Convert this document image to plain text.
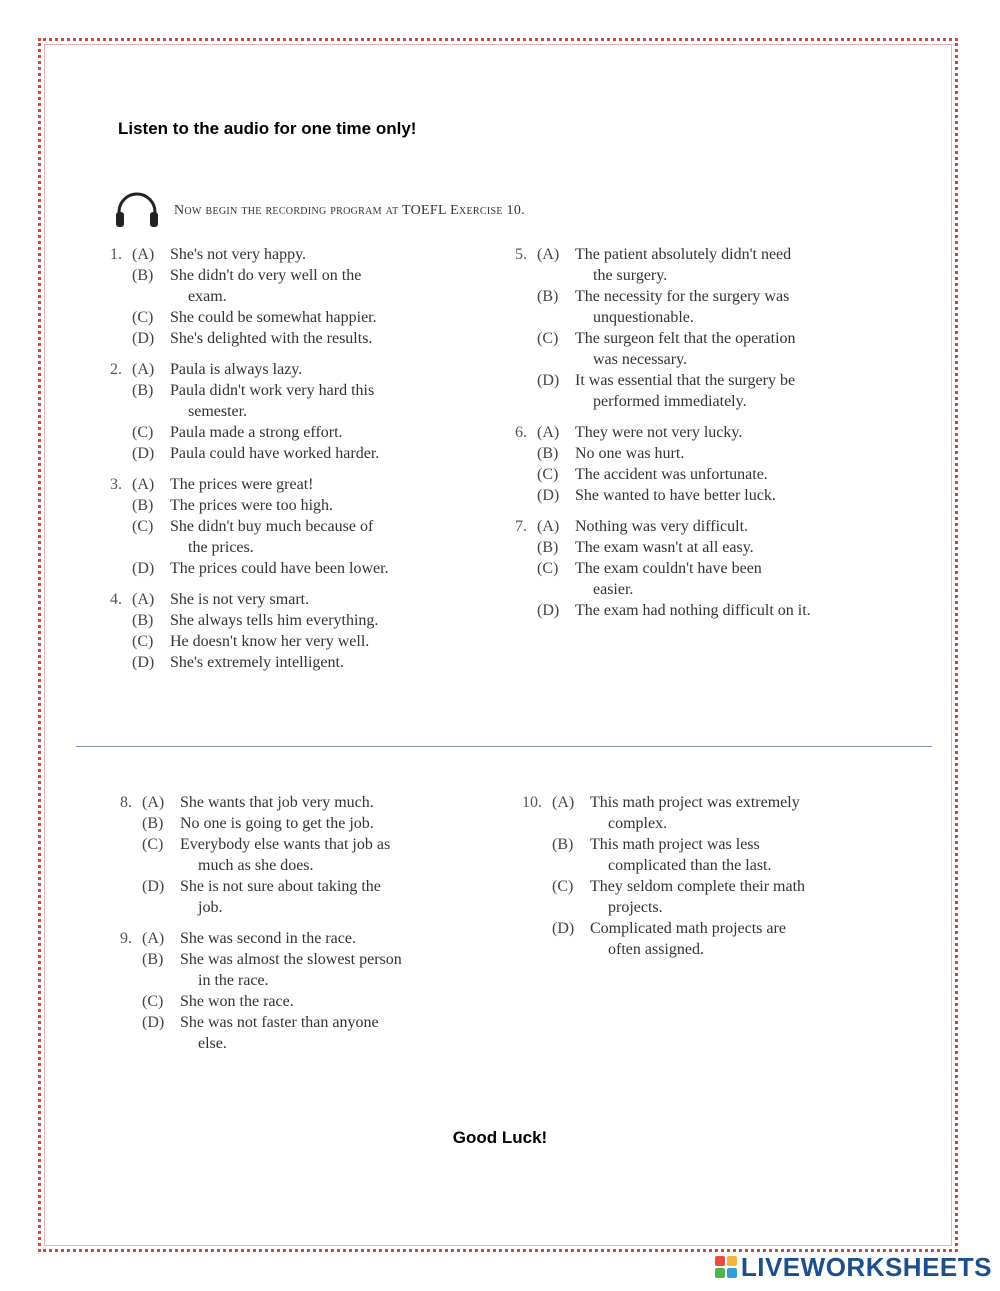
Listen to the audio for one time only!
Now begin the recording program at TOEFL Exercise 10.
1. (A) She's not very happy.
(B) She didn't do very well on the

exam.
(C) She could be somewhat happier.
(D) She's delighted with the results.
2. (A) Paula is always lazy.
(B) Paula didn't work very hard this

semester.
(C) Paula made a strong effort.
(D) Paula could have worked harder.
3. (A) The prices were great!
(B) The prices were too high.
(C) She didn't buy much because of

the prices.
(D) The prices could have been lower.
4. (A) She is not very smart.
(B) She always tells him everything.
(C) He doesn't know her very well.
(D) She's extremely intelligent.
5. (A) The patient absolutely didn't need

the surgery.
(B) The necessity for the surgery was

unquestionable.
(C) The surgeon felt that the operation

was necessary.
(D) It was essential that the surgery be

performed immediately.
6. (A) They were not very lucky.
(B) No one was hurt.
(C) The accident was unfortunate.
(D) She wanted to have better luck.
7. (A) Nothing was very difficult.
(B) The exam wasn't at all easy.
(C) The exam couldn't have been

easier.
(D) The exam had nothing difficult on it.
8. (A) She wants that job very much.
(B) No one is going to get the job.
(C) Everybody else wants that job as

much as she does.
(D) She is not sure about taking the

job.
9. (A) She was second in the race.
(B) She was almost the slowest person

in the race.
(C) She won the race.
(D) She was not faster than anyone

else.
10. (A) This math project was extremely

complex.
(B) This math project was less

complicated than the last.
(C) They seldom complete their math

projects.
(D) Complicated math projects are

often assigned.
Good Luck!
LIVEWORKSHEETS
